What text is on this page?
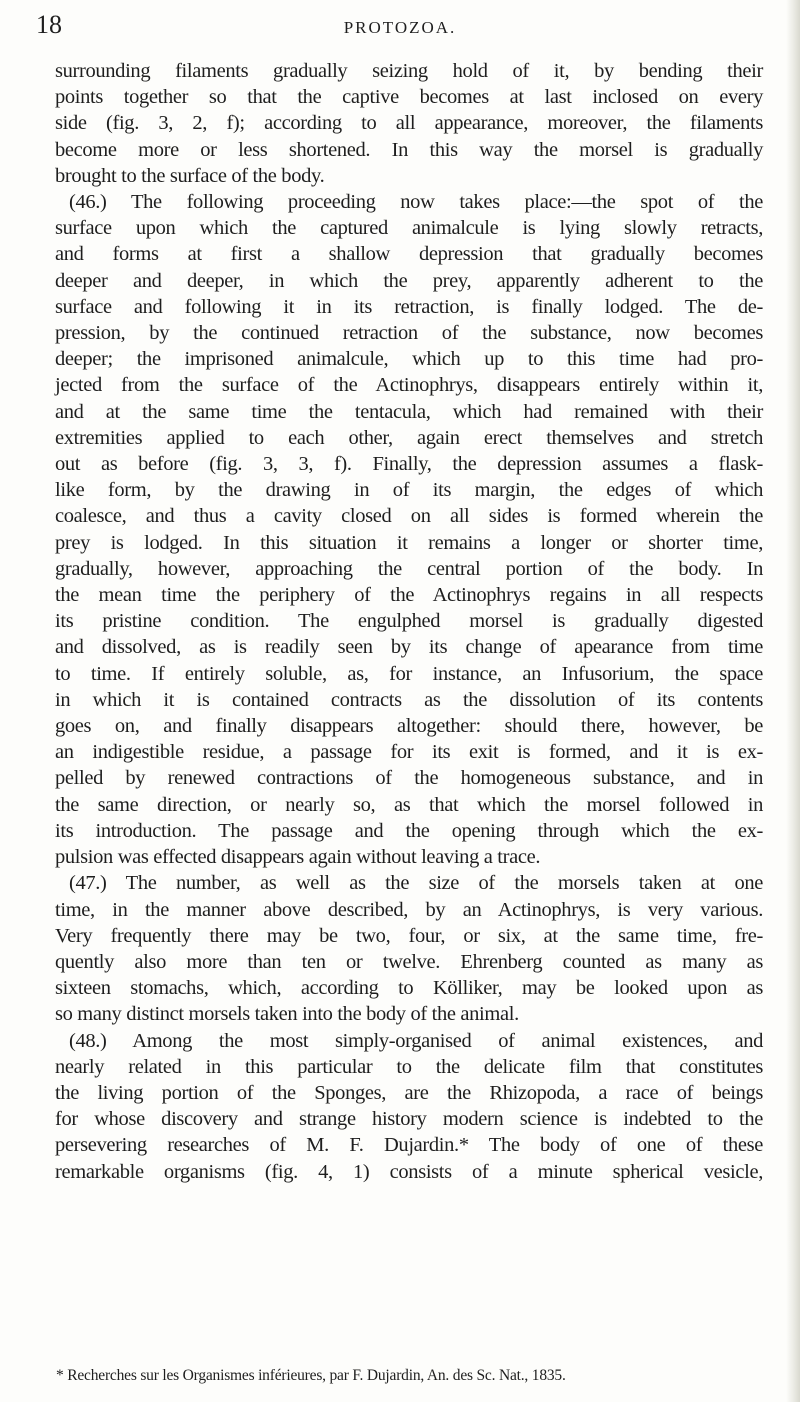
18	PROTOZOA.
surrounding filaments gradually seizing hold of it, by bending their
points together so that the captive becomes at last inclosed on every
side (fig. 3, 2, f); according to all appearance, moreover, the filaments
become more or less shortened. In this way the morsel is gradually
brought to the surface of the body.
(46.) The following proceeding now takes place:—the spot of the
surface upon which the captured animalcule is lying slowly retracts,
and forms at first a shallow depression that gradually becomes
deeper and deeper, in which the prey, apparently adherent to the
surface and following it in its retraction, is finally lodged. The de-
pression, by the continued retraction of the substance, now becomes
deeper; the imprisoned animalcule, which up to this time had pro-
jected from the surface of the Actinophrys, disappears entirely within it,
and at the same time the tentacula, which had remained with their
extremities applied to each other, again erect themselves and stretch
out as before (fig. 3, 3, f). Finally, the depression assumes a flask-
like form, by the drawing in of its margin, the edges of which
coalesce, and thus a cavity closed on all sides is formed wherein the
prey is lodged. In this situation it remains a longer or shorter time,
gradually, however, approaching the central portion of the body. In
the mean time the periphery of the Actinophrys regains in all respects
its pristine condition. The engulphed morsel is gradually digested
and dissolved, as is readily seen by its change of apearance from time
to time. If entirely soluble, as, for instance, an Infusorium, the space
in which it is contained contracts as the dissolution of its contents
goes on, and finally disappears altogether: should there, however, be
an indigestible residue, a passage for its exit is formed, and it is ex-
pelled by renewed contractions of the homogeneous substance, and in
the same direction, or nearly so, as that which the morsel followed in
its introduction. The passage and the opening through which the ex-
pulsion was effected disappears again without leaving a trace.
(47.) The number, as well as the size of the morsels taken at one
time, in the manner above described, by an Actinophrys, is very various.
Very frequently there may be two, four, or six, at the same time, fre-
quently also more than ten or twelve. Ehrenberg counted as many as
sixteen stomachs, which, according to Kölliker, may be looked upon as
so many distinct morsels taken into the body of the animal.
(48.) Among the most simply-organised of animal existences, and
nearly related in this particular to the delicate film that constitutes
the living portion of the Sponges, are the Rhizopoda, a race of beings
for whose discovery and strange history modern science is indebted to the
persevering researches of M. F. Dujardin.* The body of one of these
remarkable organisms (fig. 4, 1) consists of a minute spherical vesicle,
* Recherches sur les Organismes inférieures, par F. Dujardin, An. des Sc. Nat., 1835.
